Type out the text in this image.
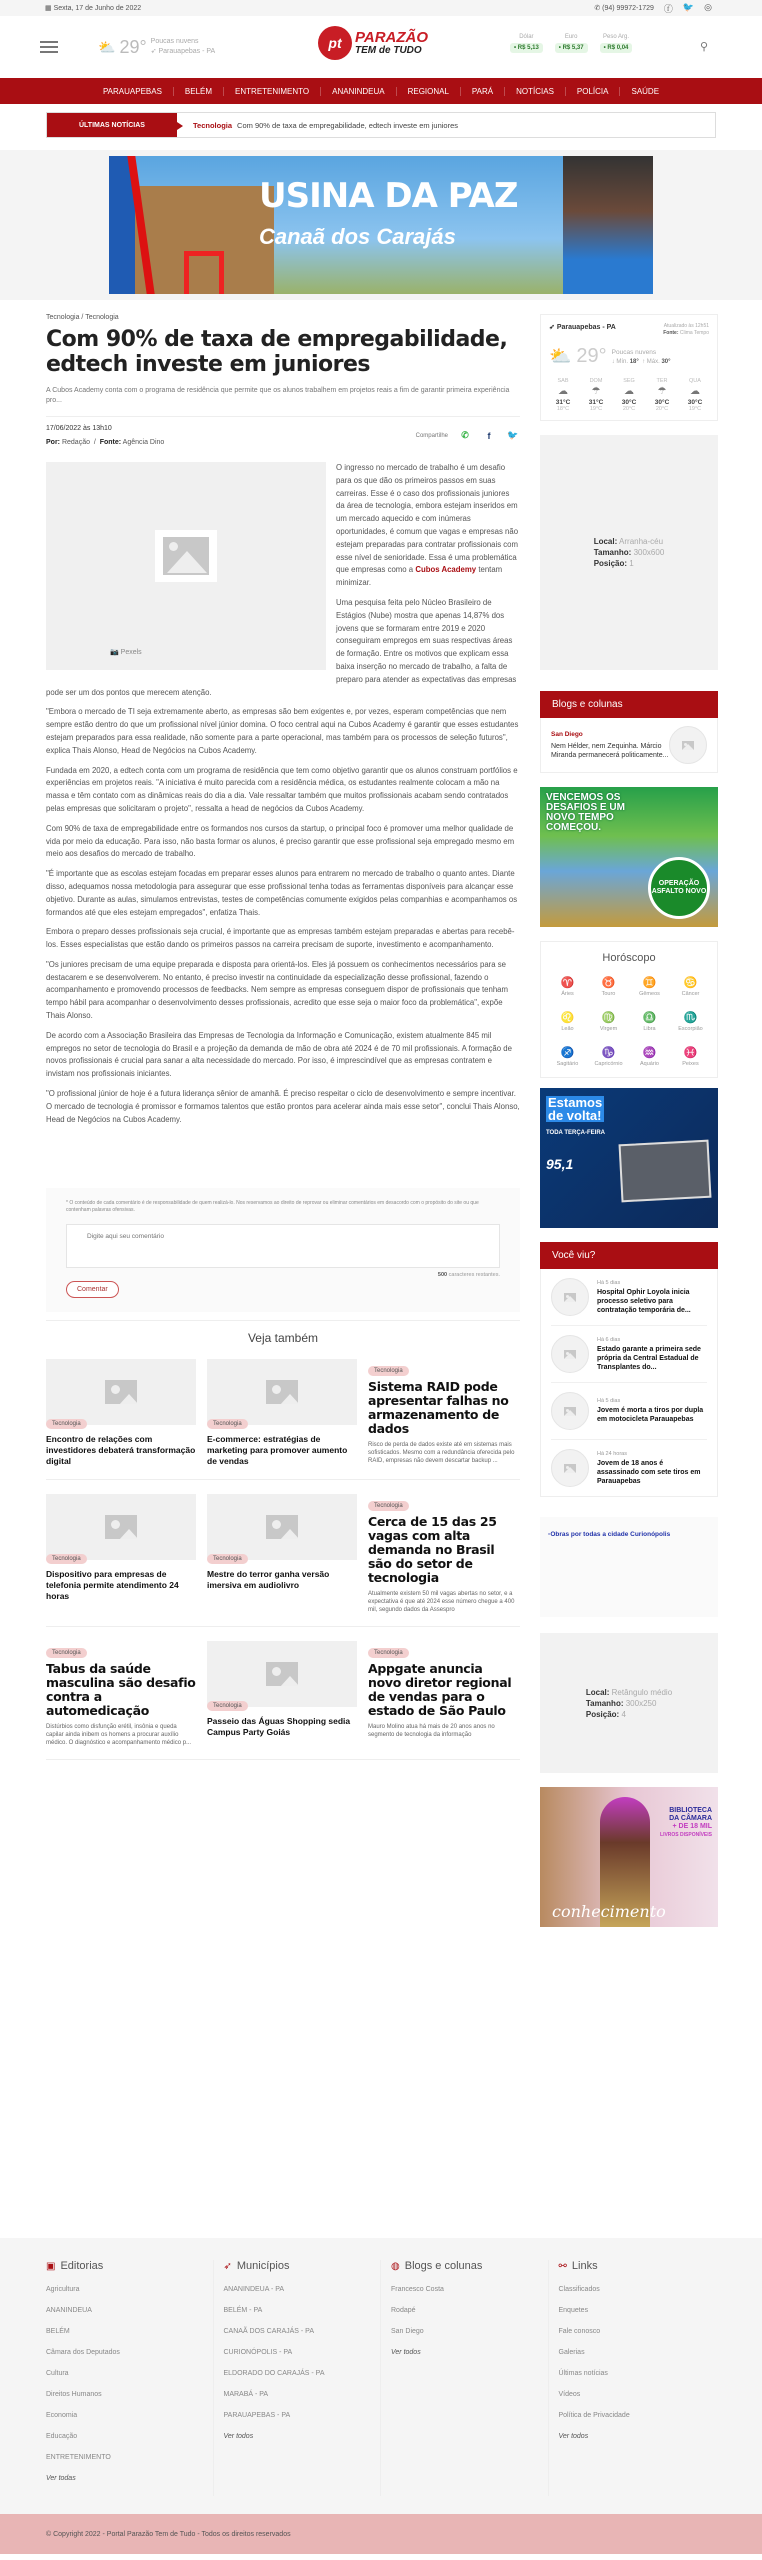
▦ Sexta, 17 de Junho de 2022	✆ (94) 99972-1729 ⓕ 🐦 ◎
⛅ 29° Poucas nuvens
➶ Parauapebas - PA
pt PARAZÃO
TEM de TUDO
Dólar
• R$ 5,13
Euro
• R$ 5,37
Peso Arg.
• R$ 0,04	⚲
PARAUAPEBAS	BELÉM	ENTRETENIMENTO	ANANINDEUA	REGIONAL	PARÁ	NOTÍCIAS	POLÍCIA	SAÚDE
ÚLTIMAS NOTÍCIAS	Tecnologia Com 90% de taxa de empregabilidade, edtech investe em juniores
USINA DA PAZ
Canaã dos Carajás
Tecnologia / Tecnologia
Com 90% de taxa de empregabilidade, edtech investe em juniores

A Cubos Academy conta com o programa de residência que permite que os alunos trabalhem em projetos reais a fim de garantir primeira experiência pro...

17/06/2022 às 13h10
Por: Redação  /  Fonte: Agência Dino
Compartilhe	✆	f	🐦
📷 Pexels

O ingresso no mercado de trabalho é um desafio para os que dão os primeiros passos em suas carreiras. Esse é o caso dos profissionais juniores da área de tecnologia, embora estejam inseridos em um mercado aquecido e com inúmeras oportunidades, é comum que vagas e empresas não estejam preparadas para contratar profissionais com esse nível de senioridade. Essa é uma problemática que empresas como a Cubos Academy tentam minimizar.

Uma pesquisa feita pelo Núcleo Brasileiro de Estágios (Nube) mostra que apenas 14,87% dos jovens que se formaram entre 2019 e 2020 conseguiram empregos em suas respectivas áreas de formação. Entre os motivos que explicam essa baixa inserção no mercado de trabalho, a falta de preparo para atender as expectativas das empresas pode ser um dos pontos que merecem atenção.

"Embora o mercado de TI seja extremamente aberto, as empresas são bem exigentes e, por vezes, esperam competências que nem sempre estão dentro do que um profissional nível júnior domina. O foco central aqui na Cubos Academy é garantir que esses estudantes estejam preparados para essa realidade, não somente para a parte operacional, mas também para os processos de seleção futuros", explica Thais Alonso, Head de Negócios na Cubos Academy.

Fundada em 2020, a edtech conta com um programa de residência que tem como objetivo garantir que os alunos construam portfólios e experiências em projetos reais. "A iniciativa é muito parecida com a residência médica, os estudantes realmente colocam a mão na massa e têm contato com as dinâmicas reais do dia a dia. Vale ressaltar também que muitos profissionais acabam sendo contratados pelas empresas que solicitaram o projeto", ressalta a head de negócios da Cubos Academy.

Com 90% de taxa de empregabilidade entre os formandos nos cursos da startup, o principal foco é promover uma melhor qualidade de vida por meio da educação. Para isso, não basta formar os alunos, é preciso garantir que esse profissional seja empregado mesmo em meio aos desafios do mercado de trabalho.

"É importante que as escolas estejam focadas em preparar esses alunos para entrarem no mercado de trabalho o quanto antes. Diante disso, adequamos nossa metodologia para assegurar que esse profissional tenha todas as ferramentas disponíveis para alcançar esse objetivo. Durante as aulas, simulamos entrevistas, testes de competências comumente exigidos pelas companhias e acompanhamos os formandos até que eles estejam empregados", enfatiza Thais.

Embora o preparo desses profissionais seja crucial, é importante que as empresas também estejam preparadas e abertas para recebê-los. Esses especialistas que estão dando os primeiros passos na carreira precisam de suporte, investimento e acompanhamento.

"Os juniores precisam de uma equipe preparada e disposta para orientá-los. Eles já possuem os conhecimentos necessários para se destacarem e se desenvolverem. No entanto, é preciso investir na continuidade da especialização desse profissional, fazendo o acompanhamento e promovendo processos de feedbacks. Nem sempre as empresas conseguem dispor de profissionais que tenham tempo hábil para acompanhar o desenvolvimento desses profissionais, acredito que esse seja o maior foco da problemática", expõe Thais Alonso.

De acordo com a Associação Brasileira das Empresas de Tecnologia da Informação e Comunicação, existem atualmente 845 mil empregos no setor de tecnologia do Brasil e a projeção da demanda de mão de obra até 2024 é de 70 mil profissionais. A formação de novos profissionais é crucial para sanar a alta necessidade do mercado. Por isso, é imprescindível que as empresas contratem e invistam nos profissionais iniciantes.

"O profissional júnior de hoje é a futura liderança sênior de amanhã. É preciso respeitar o ciclo de desenvolvimento e sempre incentivar. O mercado de tecnologia é promissor e formamos talentos que estão prontos para acelerar ainda mais esse setor", conclui Thais Alonso, Head de Negócios na Cubos Academy.

* O conteúdo de cada comentário é de responsabilidade de quem realizá-lo. Nos reservamos ao direito de reprovar ou eliminar comentários em desacordo com o propósito do site ou que contenham palavras ofensivas.

Digite aqui seu comentário
500 caracteres restantes.
Comentar
Veja também
Tecnologia
Encontro de relações com investidores debaterá transformação digital
Tecnologia
E-commerce: estratégias de marketing para promover aumento de vendas
Tecnologia
Sistema RAID pode apresentar falhas no armazenamento de dados
Risco de perda de dados existe até em sistemas mais sofisticados. Mesmo com a redundância oferecida pelo RAID, empresas não devem descartar backup ...
Tecnologia
Dispositivo para empresas de telefonia permite atendimento 24 horas
Tecnologia
Mestre do terror ganha versão imersiva em audiolivro
Tecnologia
Cerca de 15 das 25 vagas com alta demanda no Brasil são do setor de tecnologia
Atualmente existem 50 mil vagas abertas no setor, e a expectativa é que até 2024 esse número chegue a 400 mil, segundo dados da Assespro
Tecnologia
Tabus da saúde masculina são desafio contra a automedicação
Distúrbios como disfunção erétil, insônia e queda capilar ainda inibem os homens a procurar auxílio médico. O diagnóstico e acompanhamento médico p...
Tecnologia
Passeio das Águas Shopping sedia Campus Party Goiás
Tecnologia
Appgate anuncia novo diretor regional de vendas para o estado de São Paulo
Mauro Molino atua há mais de 20 anos anos no segmento de tecnologia da informação
➶ Parauapebas - PA	Atualizado às 12h51
Fonte: Clima Tempo
⛅ 29° Poucas nuvens
↓ Mín. 18°  ↑ Máx. 30°
SAB
☁
31°C
18°C
DOM
☂
31°C
19°C
SEG
☁
30°C
20°C
TER
☂
30°C
20°C
QUA
☁
30°C
19°C
Local: Arranha-céu
Tamanho: 300x600
Posição: 1
Blogs e colunas
San Diego
Nem Hélder, nem Zequinha. Márcio Miranda permanecerá politicamente...
VENCEMOS OS DESAFIOS E UM NOVO TEMPO COMEÇOU.
OPERAÇÃO ASFALTO NOVO
Horóscopo
♈
Áries
♉
Touro
♊
Gêmeos
♋
Câncer
♌
Leão
♍
Virgem
♎
Libra
♏
Escorpião
♐
Sagitário
♑
Capricórnio
♒
Aquário
♓
Peixes
Estamos
de volta!
TODA TERÇA-FEIRA
95,1
Você viu?
Há 5 dias
Hospital Ophir Loyola inicia processo seletivo para contratação temporária de...
Há 6 dias
Estado garante a primeira sede própria da Central Estadual de Transplantes do...
Há 5 dias
Jovem é morta a tiros por dupla em motocicleta Parauapebas
Há 24 horas
Jovem de 18 anos é assassinado com sete tiros em Parauapebas
▫Obras por todas a cidade Curionópolis
Local: Retângulo médio
Tamanho: 300x250
Posição: 4
BIBLIOTECA
DA CÂMARA
+ DE 18 MIL
LIVROS DISPONÍVEIS
conhecimento
▣ Editorias
Agricultura
ANANINDEUA
BELÉM
Câmara dos Deputados
Cultura
Direitos Humanos
Economia
Educação
ENTRETENIMENTO
Ver todas
➶ Municípios
ANANINDEUA - PA
BELÉM - PA
CANAÃ DOS CARAJÁS - PA
CURIONÓPOLIS - PA
ELDORADO DO CARAJÁS - PA
MARABÁ - PA
PARAUAPEBAS - PA
Ver todos
◍ Blogs e colunas
Francesco Costa
Rodapé
San Diego
Ver todos
⚯ Links
Classificados
Enquetes
Fale conosco
Galerias
Últimas notícias
Vídeos
Política de Privacidade
Ver todos
© Copyright 2022 - Portal Parazão Tem de Tudo - Todos os direitos reservados
